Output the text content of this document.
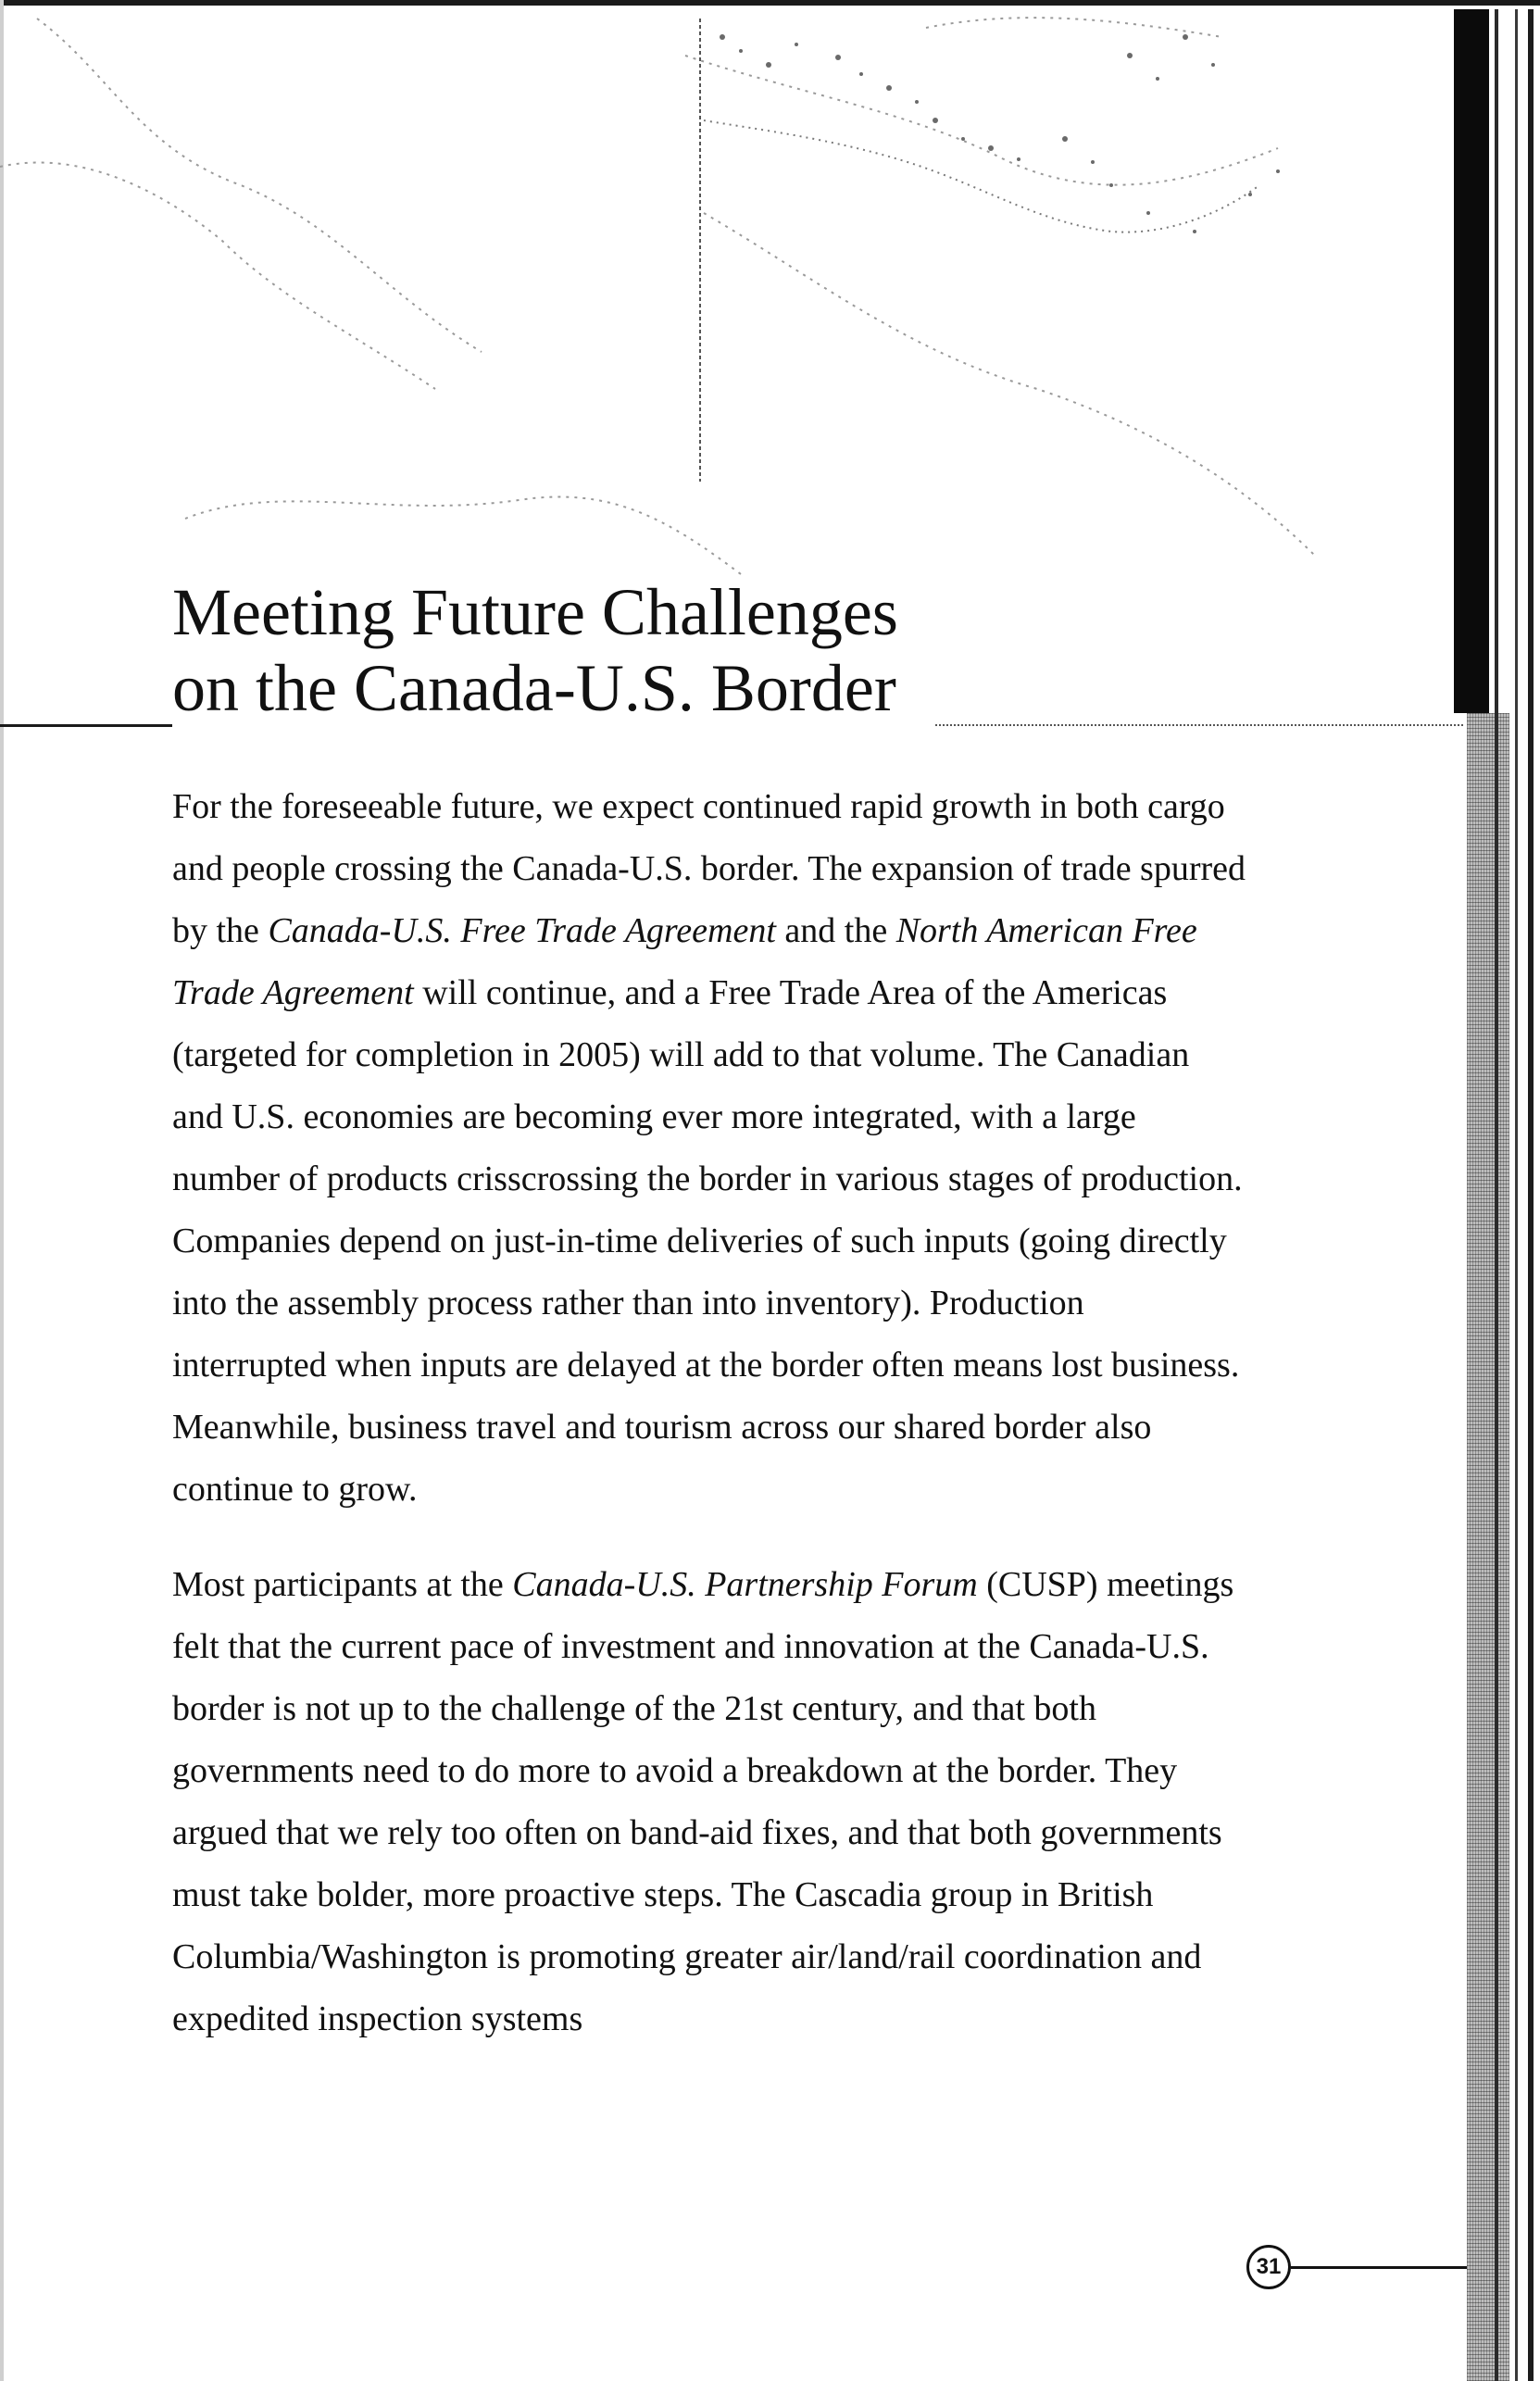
Meeting Future Challenges
on the Canada-U.S. Border

For the foreseeable future, we expect continued rapid growth in both cargo and people crossing the Canada-U.S. border. The expansion of trade spurred by the Canada-U.S. Free Trade Agreement and the North American Free Trade Agreement will continue, and a Free Trade Area of the Americas (targeted for completion in 2005) will add to that volume. The Canadian and U.S. economies are becoming ever more integrated, with a large number of products crisscrossing the border in various stages of production. Companies depend on just-in-time deliveries of such inputs (going directly into the assembly process rather than into inventory). Production interrupted when inputs are delayed at the border often means lost business. Meanwhile, business travel and tourism across our shared border also continue to grow.

Most participants at the Canada-U.S. Partnership Forum (CUSP) meetings felt that the current pace of investment and innovation at the Canada-U.S. border is not up to the challenge of the 21st century, and that both governments need to do more to avoid a breakdown at the border. They argued that we rely too often on band-aid fixes, and that both governments must take bolder, more proactive steps. The Cascadia group in British Columbia/Washington is promoting greater air/land/rail coordination and expedited inspection systems

31
